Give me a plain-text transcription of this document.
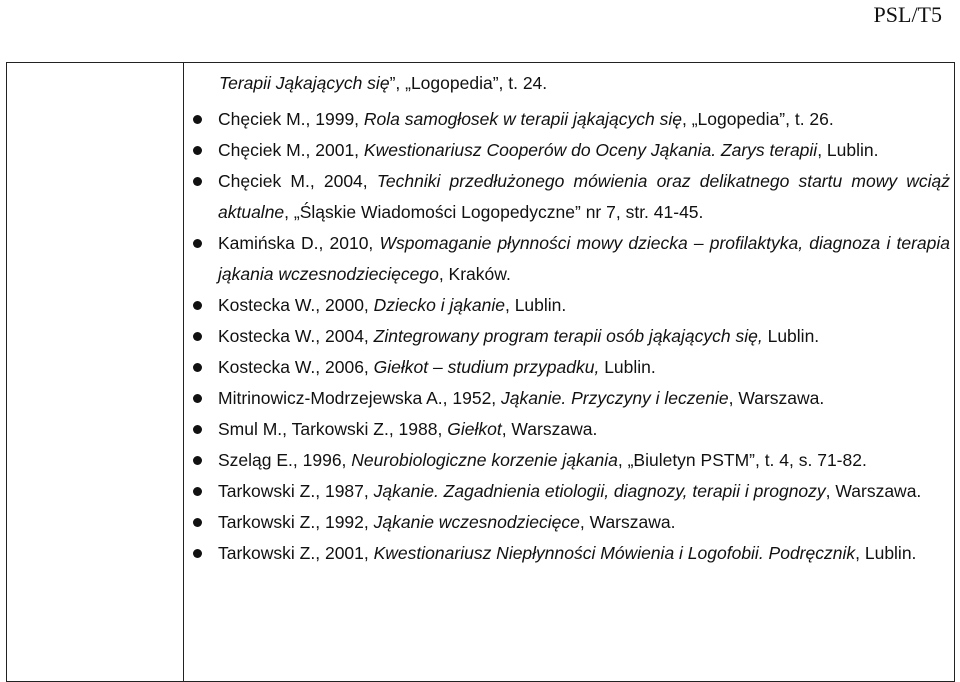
PSL/T5
Terapii Jąkających się”, „Logopedia”, t. 24.
Chęciek M., 1999, Rola samogłosek w terapii jąkających się, „Logopedia”, t. 26.
Chęciek M., 2001, Kwestionariusz Cooperów do Oceny Jąkania. Zarys terapii, Lublin.
Chęciek M., 2004, Techniki przedłużonego mówienia oraz delikatnego startu mowy wciąż aktualne, „Śląskie Wiadomości Logopedyczne” nr 7, str. 41-45.
Kamińska D., 2010, Wspomaganie płynności mowy dziecka – profilaktyka, diagnoza i terapia jąkania wczesnodziecięcego, Kraków.
Kostecka W., 2000, Dziecko i jąkanie, Lublin.
Kostecka W., 2004, Zintegrowany program terapii osób jąkających się, Lublin.
Kostecka W., 2006, Giełkot – studium przypadku, Lublin.
Mitrinowicz-Modrzejewska A., 1952, Jąkanie. Przyczyny i leczenie, Warszawa.
Smul M., Tarkowski Z., 1988, Giełkot, Warszawa.
Szeląg E., 1996, Neurobiologiczne korzenie jąkania, „Biuletyn PSTM”, t. 4, s. 71-82.
Tarkowski Z., 1987, Jąkanie. Zagadnienia etiologii, diagnozy, terapii i prognozy, Warszawa.
Tarkowski Z., 1992, Jąkanie wczesnodziecięce, Warszawa.
Tarkowski Z., 2001, Kwestionariusz Niepłynności Mówienia i Logofobii. Podręcznik, Lublin.
